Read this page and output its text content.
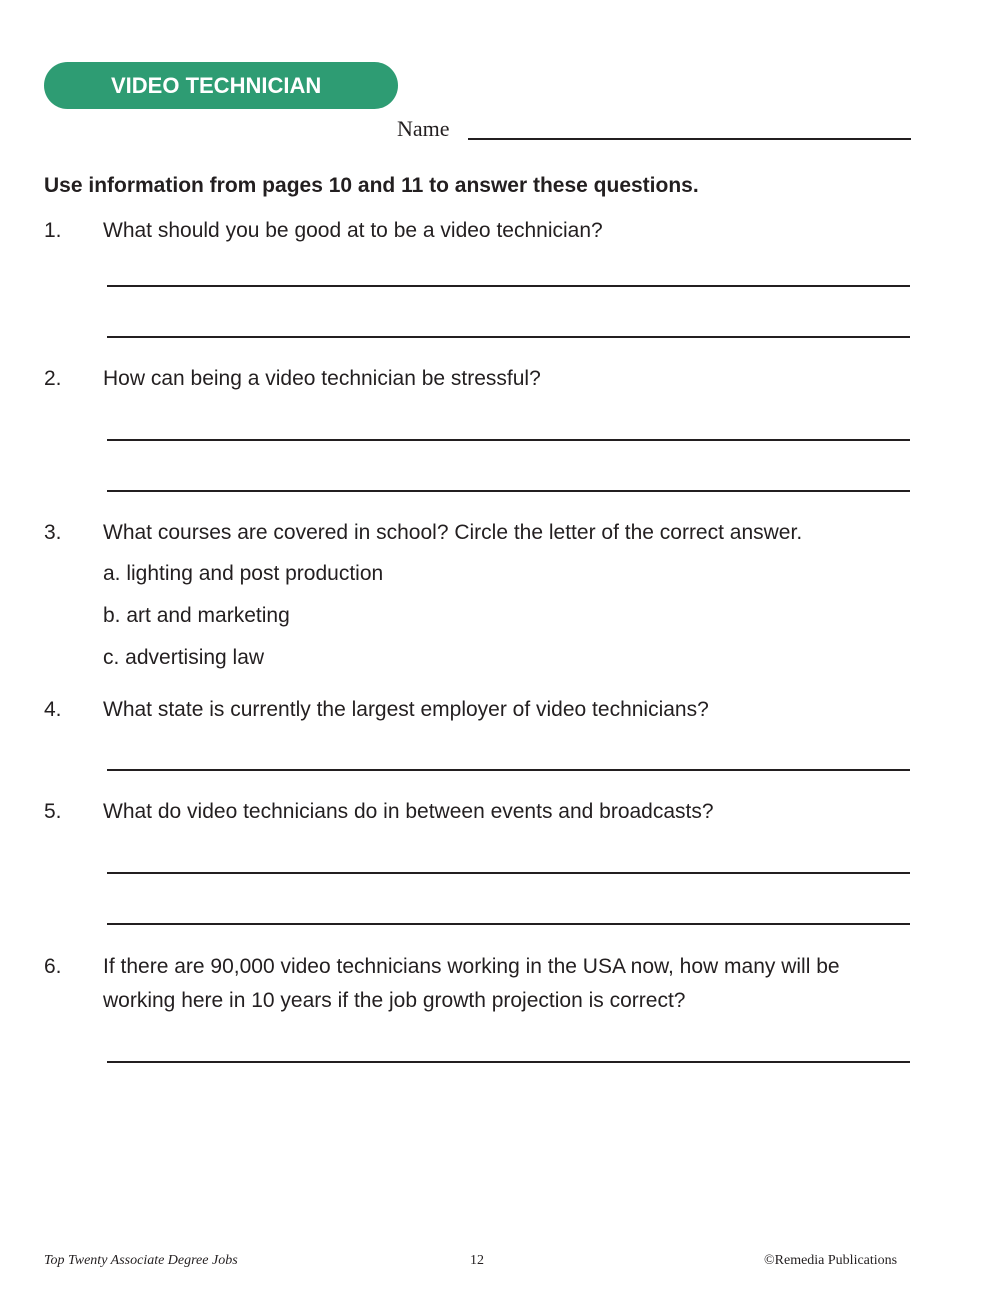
VIDEO TECHNICIAN
Name
Use information from pages 10 and 11 to answer these questions.
1. What should you be good at to be a video technician?
2. How can being a video technician be stressful?
3. What courses are covered in school? Circle the letter of the correct answer.
a. lighting and post production
b. art and marketing
c. advertising law
4. What state is currently the largest employer of video technicians?
5. What do video technicians do in between events and broadcasts?
6. If there are 90,000 video technicians working in the USA now, how many will be working here in 10 years if the job growth projection is correct?
Top Twenty Associate Degree Jobs	12	©Remedia Publications
